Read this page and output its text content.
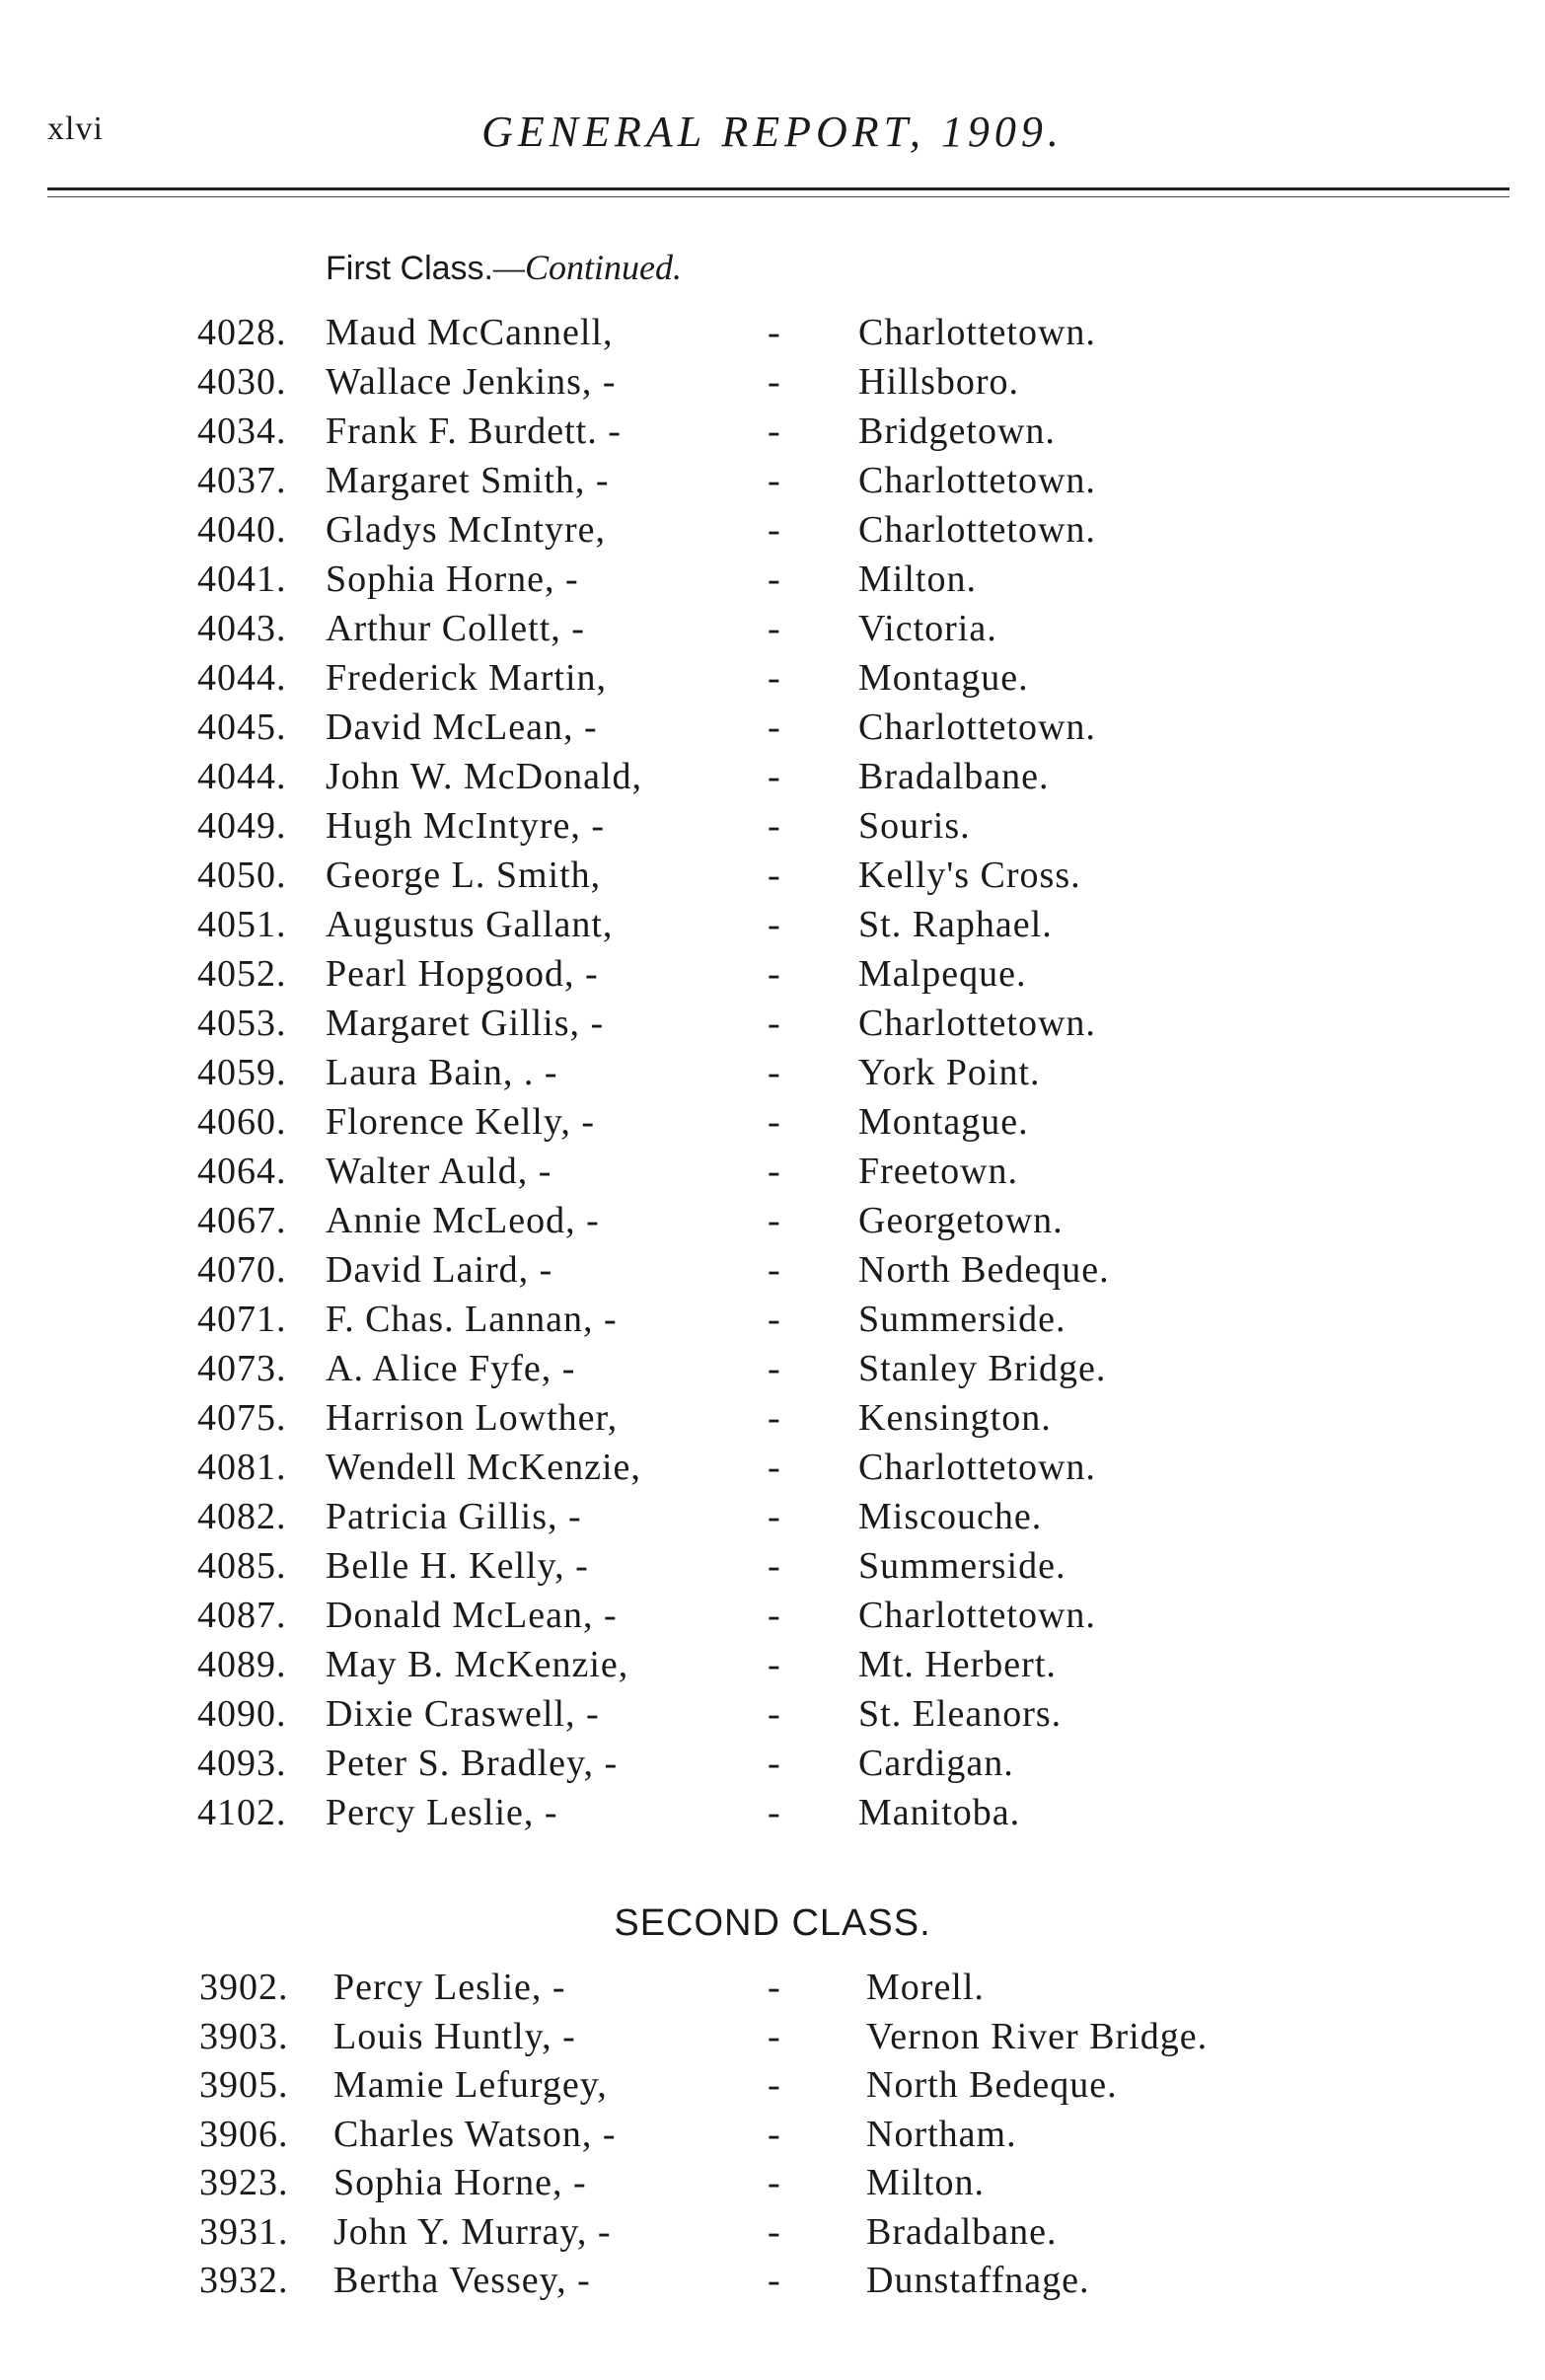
xlvi	GENERAL REPORT, 1909.
First Class.—Continued.
4028. Maud McCannell,	- Charlottetown.
4030. Wallace Jenkins, -	- Hillsboro.
4034. Frank F. Burdett. -	- Bridgetown.
4037. Margaret Smith, -	- Charlottetown.
4040. Gladys McIntyre,	- Charlottetown.
4041. Sophia Horne, -	- Milton.
4043. Arthur Collett, -	- Victoria.
4044. Frederick Martin,	- Montague.
4045. David McLean, -	- Charlottetown.
4044. John W. McDonald,	- Bradalbane.
4049. Hugh McIntyre, -	- Souris.
4050. George L. Smith,	- Kelly's Cross.
4051. Augustus Gallant,	- St. Raphael.
4052. Pearl Hopgood, -	- Malpeque.
4053. Margaret Gillis, -	- Charlottetown.
4059. Laura Bain, . -	- York Point.
4060. Florence Kelly, -	- Montague.
4064. Walter Auld, -	- Freetown.
4067. Annie McLeod, -	- Georgetown.
4070. David Laird, -	- North Bedeque.
4071. F. Chas. Lannan, -	- Summerside.
4073. A. Alice Fyfe, -	- Stanley Bridge.
4075. Harrison Lowther,	- Kensington.
4081. Wendell McKenzie,	- Charlottetown.
4082. Patricia Gillis, -	- Miscouche.
4085. Belle H. Kelly, -	- Summerside.
4087. Donald McLean, -	- Charlottetown.
4089. May B. McKenzie,	- Mt. Herbert.
4090. Dixie Craswell, -	- St. Eleanors.
4093. Peter S. Bradley, -	- Cardigan.
4102. Percy Leslie, -	- Manitoba.
SECOND CLASS.
3902. Percy Leslie, -	- Morell.
3903. Louis Huntly, -	- Vernon River Bridge.
3905. Mamie Lefurgey,	- North Bedeque.
3906. Charles Watson, -	- Northam.
3923. Sophia Horne, -	- Milton.
3931. John Y. Murray, -	- Bradalbane.
3932. Bertha Vessey, -	- Dunstaffnage.
